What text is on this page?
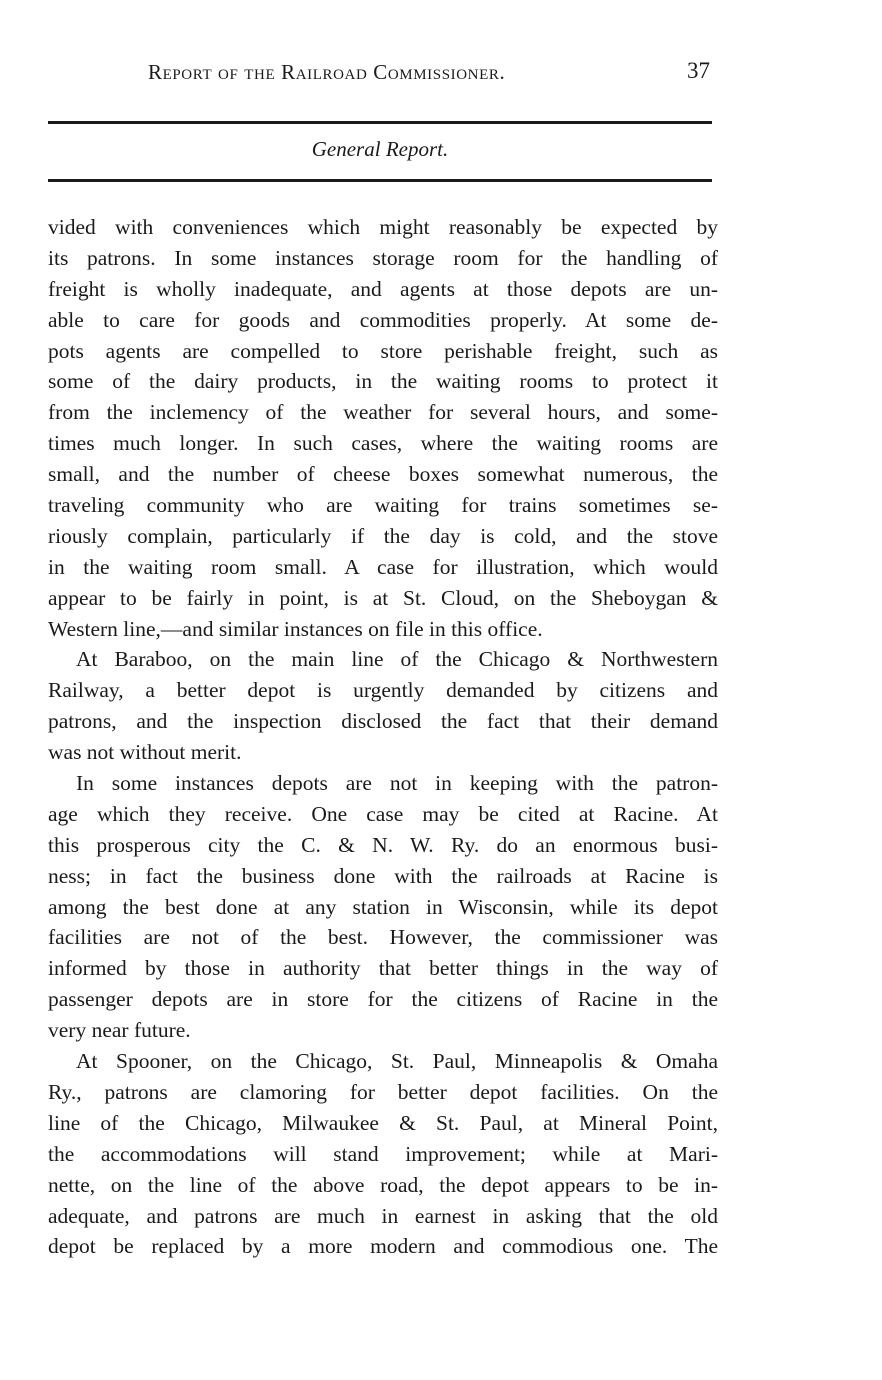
Report of the Railroad Commissioner.	37
General Report.
vided with conveniences which might reasonably be expected by
its patrons. In some instances storage room for the handling of
freight is wholly inadequate, and agents at those depots are un-
able to care for goods and commodities properly. At some de-
pots agents are compelled to store perishable freight, such as
some of the dairy products, in the waiting rooms to protect it
from the inclemency of the weather for several hours, and some-
times much longer. In such cases, where the waiting rooms are
small, and the number of cheese boxes somewhat numerous, the
traveling community who are waiting for trains sometimes se-
riously complain, particularly if the day is cold, and the stove
in the waiting room small. A case for illustration, which would
appear to be fairly in point, is at St. Cloud, on the Sheboygan &
Western line,—and similar instances on file in this office.
At Baraboo, on the main line of the Chicago & Northwestern
Railway, a better depot is urgently demanded by citizens and
patrons, and the inspection disclosed the fact that their demand
was not without merit.
In some instances depots are not in keeping with the patron-
age which they receive. One case may be cited at Racine. At
this prosperous city the C. & N. W. Ry. do an enormous busi-
ness; in fact the business done with the railroads at Racine is
among the best done at any station in Wisconsin, while its depot
facilities are not of the best. However, the commissioner was
informed by those in authority that better things in the way of
passenger depots are in store for the citizens of Racine in the
very near future.
At Spooner, on the Chicago, St. Paul, Minneapolis & Omaha
Ry., patrons are clamoring for better depot facilities. On the
line of the Chicago, Milwaukee & St. Paul, at Mineral Point,
the accommodations will stand improvement; while at Mari-
nette, on the line of the above road, the depot appears to be in-
adequate, and patrons are much in earnest in asking that the old
depot be replaced by a more modern and commodious one. The
